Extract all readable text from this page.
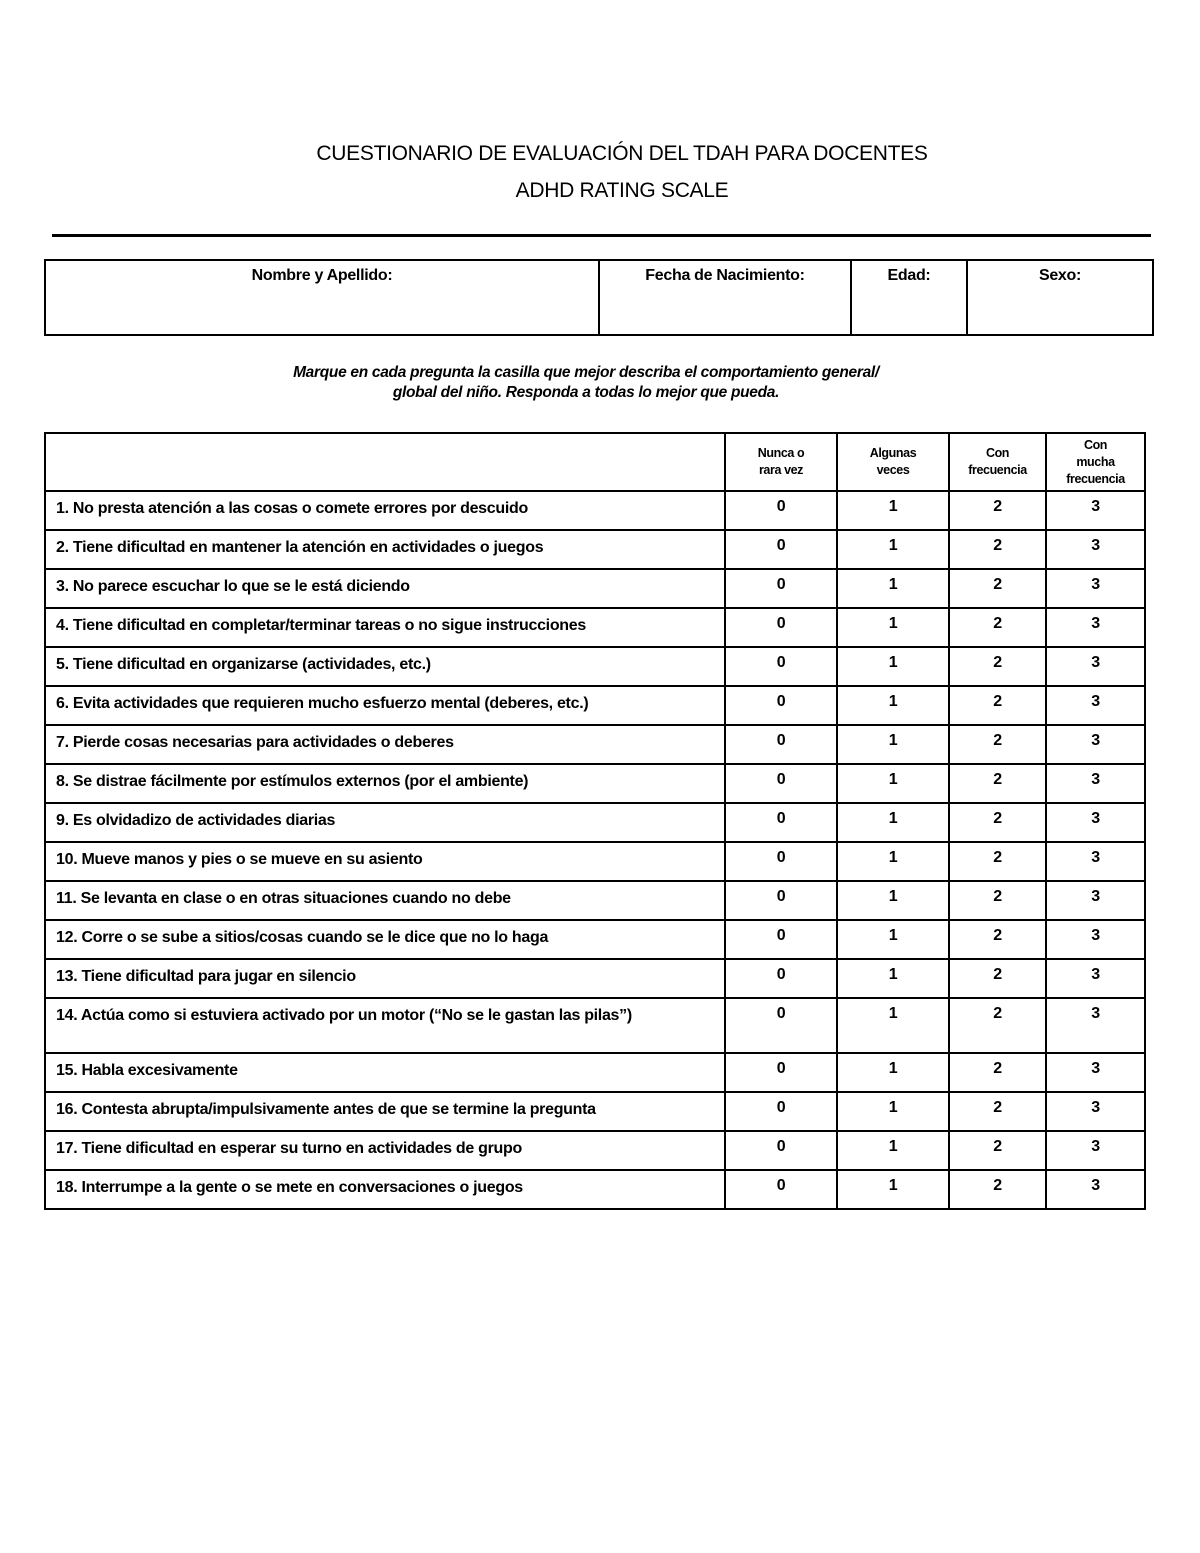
CUESTIONARIO DE EVALUACIÓN DEL TDAH PARA DOCENTES
ADHD RATING SCALE
Nombre y Apellido:	Fecha de Nacimiento:	Edad:	Sexo:
Marque en cada pregunta la casilla que mejor describa el comportamiento general/
global del niño. Responda a todas lo mejor que pueda.
	Nunca o
rara vez	Algunas
veces	Con
frecuencia	Con
mucha
frecuencia

1. No presta atención a las cosas o comete errores por descuido	0	1	2	3

2. Tiene dificultad en mantener la atención en actividades o juegos	0	1	2	3

3. No parece escuchar lo que se le está diciendo	0	1	2	3

4. Tiene dificultad en completar/terminar tareas o no sigue instrucciones	0	1	2	3

5. Tiene dificultad en organizarse (actividades, etc.)	0	1	2	3

6. Evita actividades que requieren mucho esfuerzo mental (deberes, etc.)	0	1	2	3

7. Pierde cosas necesarias para actividades o deberes	0	1	2	3

8. Se distrae fácilmente por estímulos externos (por el ambiente)	0	1	2	3

9. Es olvidadizo de actividades diarias	0	1	2	3

10. Mueve manos y pies o se mueve en su asiento	0	1	2	3

11. Se levanta en clase o en otras situaciones cuando no debe	0	1	2	3

12. Corre o se sube a sitios/cosas cuando se le dice que no lo haga	0	1	2	3

13. Tiene dificultad para jugar en silencio	0	1	2	3

14. Actúa como si estuviera activado por un motor (“No se le gastan las pilas”)	0	1	2	3

15. Habla excesivamente	0	1	2	3

16. Contesta abrupta/impulsivamente antes de que se termine la pregunta	0	1	2	3

17. Tiene dificultad en esperar su turno en actividades de grupo	0	1	2	3

18. Interrumpe a la gente o se mete en conversaciones o juegos	0	1	2	3
